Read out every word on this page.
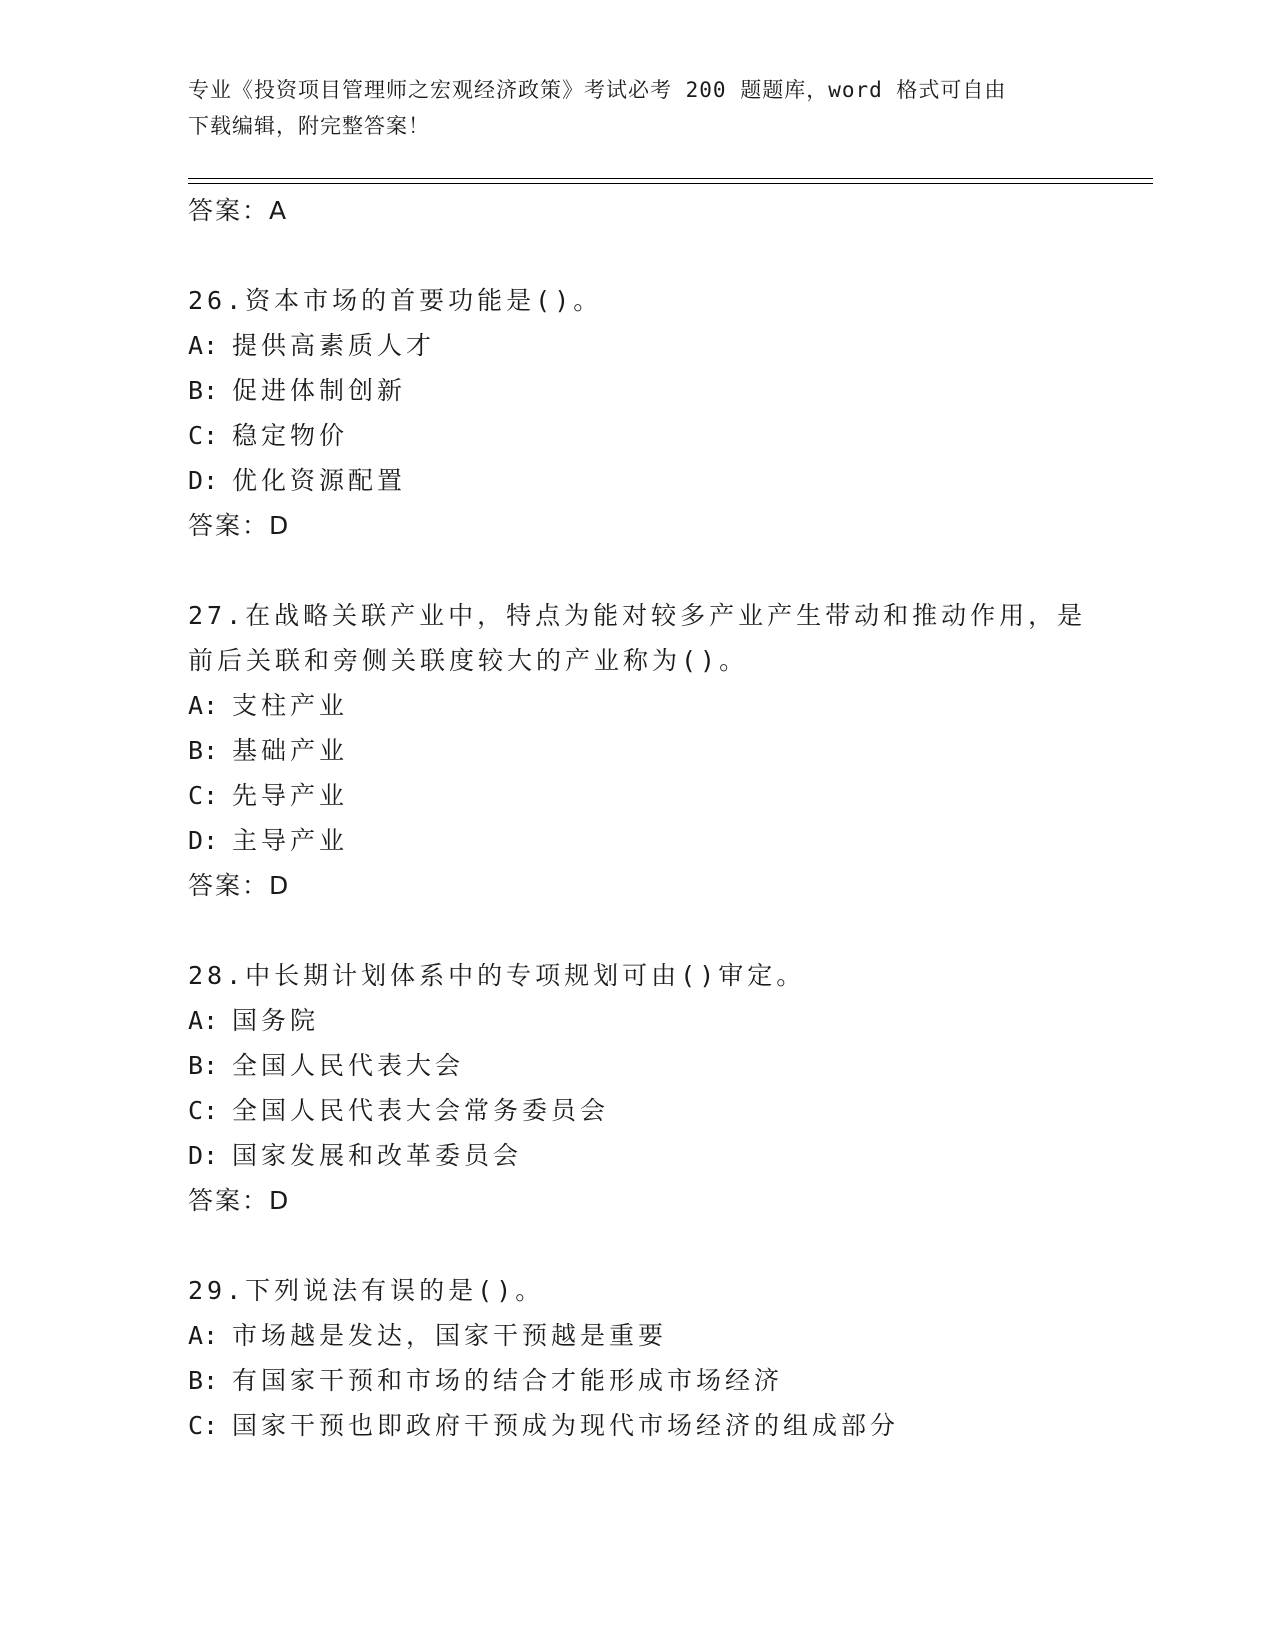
专业《投资项目管理师之宏观经济政策》考试必考 200 题题库，word 格式可自由
下载编辑，附完整答案！
答案：A
26.资本市场的首要功能是()。
A: 提供高素质人才
B: 促进体制创新
C: 稳定物价
D: 优化资源配置
答案：D
27.在战略关联产业中，特点为能对较多产业产生带动和推动作用，是
前后关联和旁侧关联度较大的产业称为()。
A: 支柱产业
B: 基础产业
C: 先导产业
D: 主导产业
答案：D
28.中长期计划体系中的专项规划可由()审定。
A: 国务院
B: 全国人民代表大会
C: 全国人民代表大会常务委员会
D: 国家发展和改革委员会
答案：D
29.下列说法有误的是()。
A: 市场越是发达，国家干预越是重要
B: 有国家干预和市场的结合才能形成市场经济
C: 国家干预也即政府干预成为现代市场经济的组成部分
